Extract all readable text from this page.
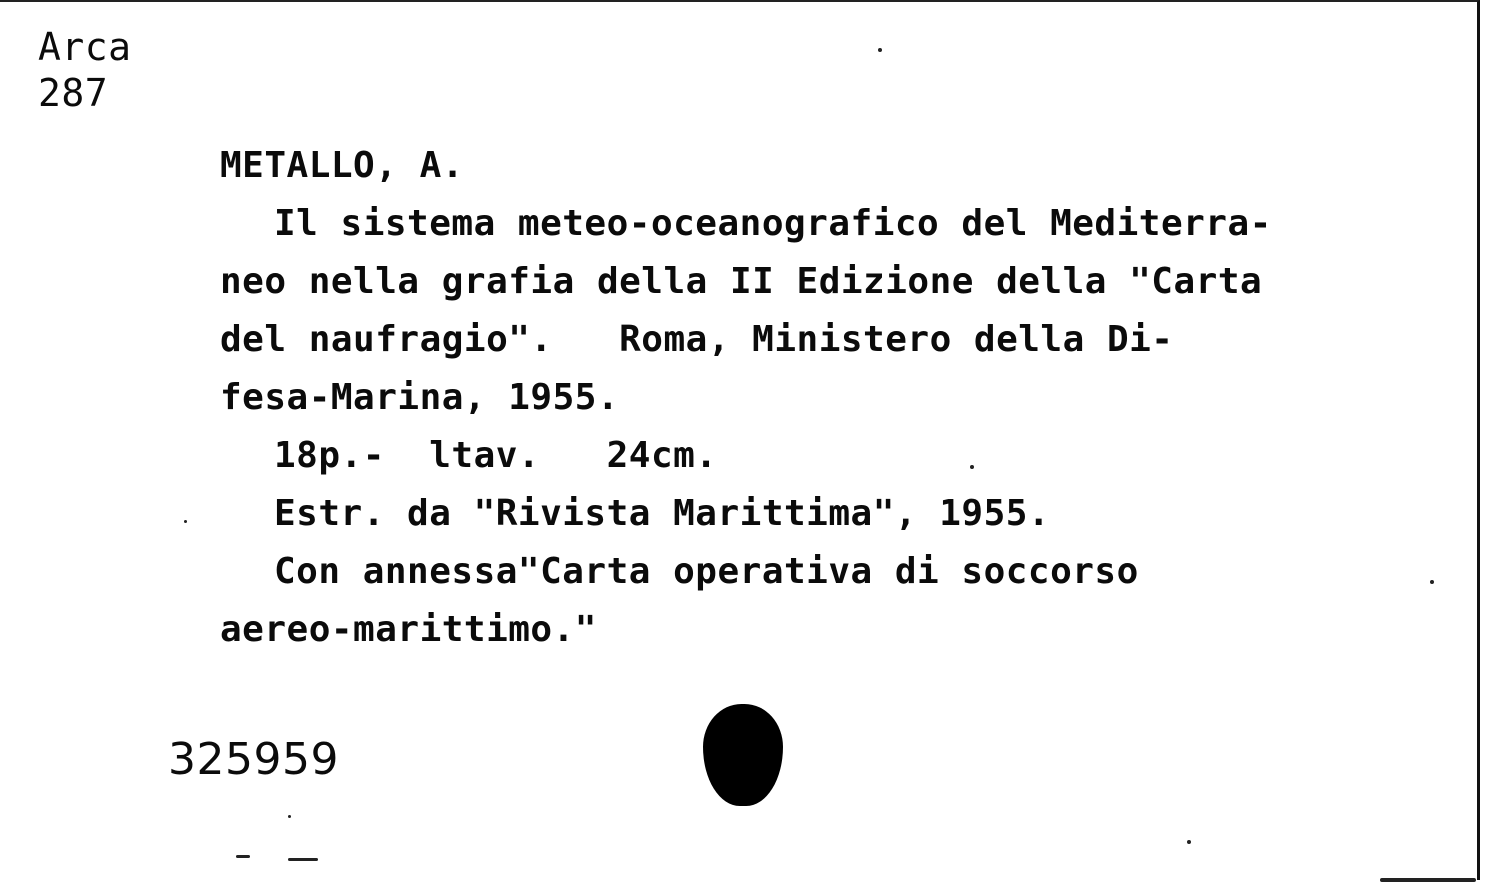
Arca
287
METALLO, A.
Il sistema meteo-oceanografico del Mediterra-
neo nella grafia della II Edizione della "Carta
del naufragio".   Roma, Ministero della Di-
fesa-Marina, 1955.
18p.-  ltav.   24cm.
Estr. da "Rivista Marittima", 1955.
Con annessa"Carta operativa di soccorso
aereo-marittimo."
325959
